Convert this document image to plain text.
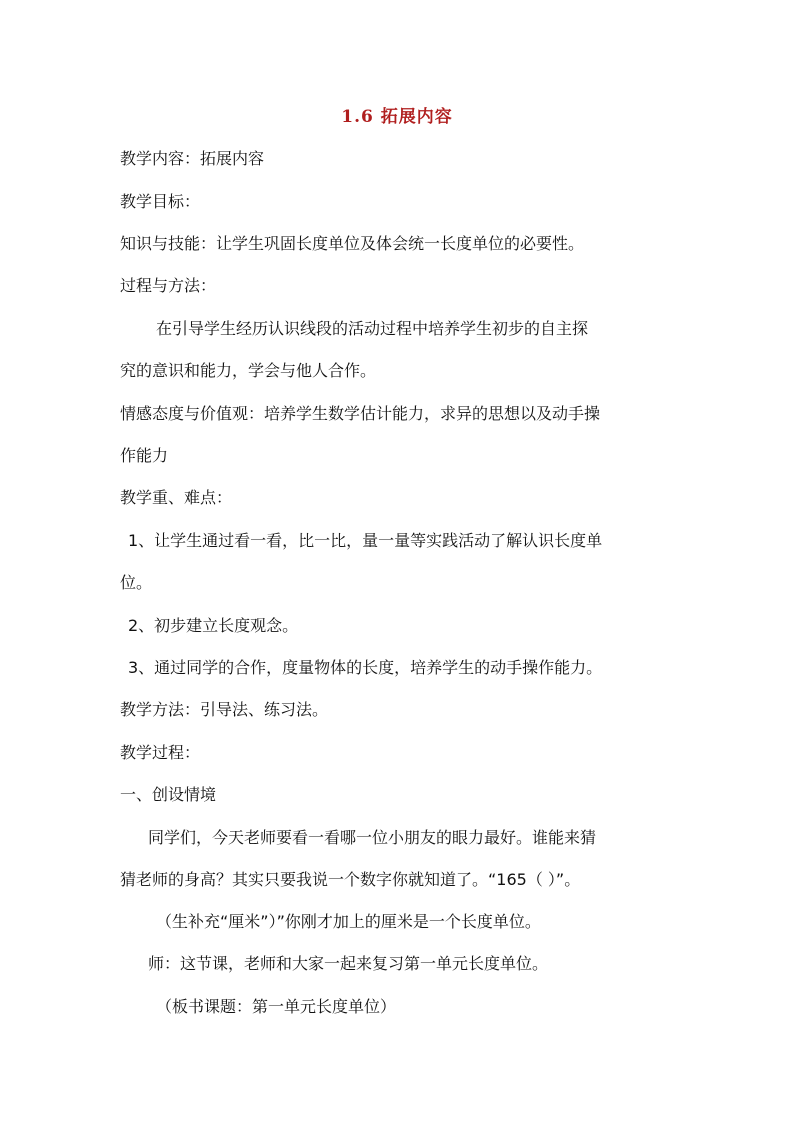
1.6 拓展内容
教学内容：拓展内容
教学目标：
知识与技能：让学生巩固长度单位及体会统一长度单位的必要性。
过程与方法：
在引导学生经历认识线段的活动过程中培养学生初步的自主探
究的意识和能力，学会与他人合作。
情感态度与价值观：培养学生数学估计能力，求异的思想以及动手操
作能力
教学重、难点：
1、让学生通过看一看，比一比，量一量等实践活动了解认识长度单
位。
2、初步建立长度观念。
3、通过同学的合作，度量物体的长度，培养学生的动手操作能力。
教学方法：引导法、练习法。
教学过程：
一、创设情境
同学们，今天老师要看一看哪一位小朋友的眼力最好。谁能来猜
猜老师的身高？其实只要我说一个数字你就知道了。“165（ ）”。
（生补充“厘米”）”你刚才加上的厘米是一个长度单位。
师：这节课，老师和大家一起来复习第一单元长度单位。
（板书课题：第一单元长度单位）
